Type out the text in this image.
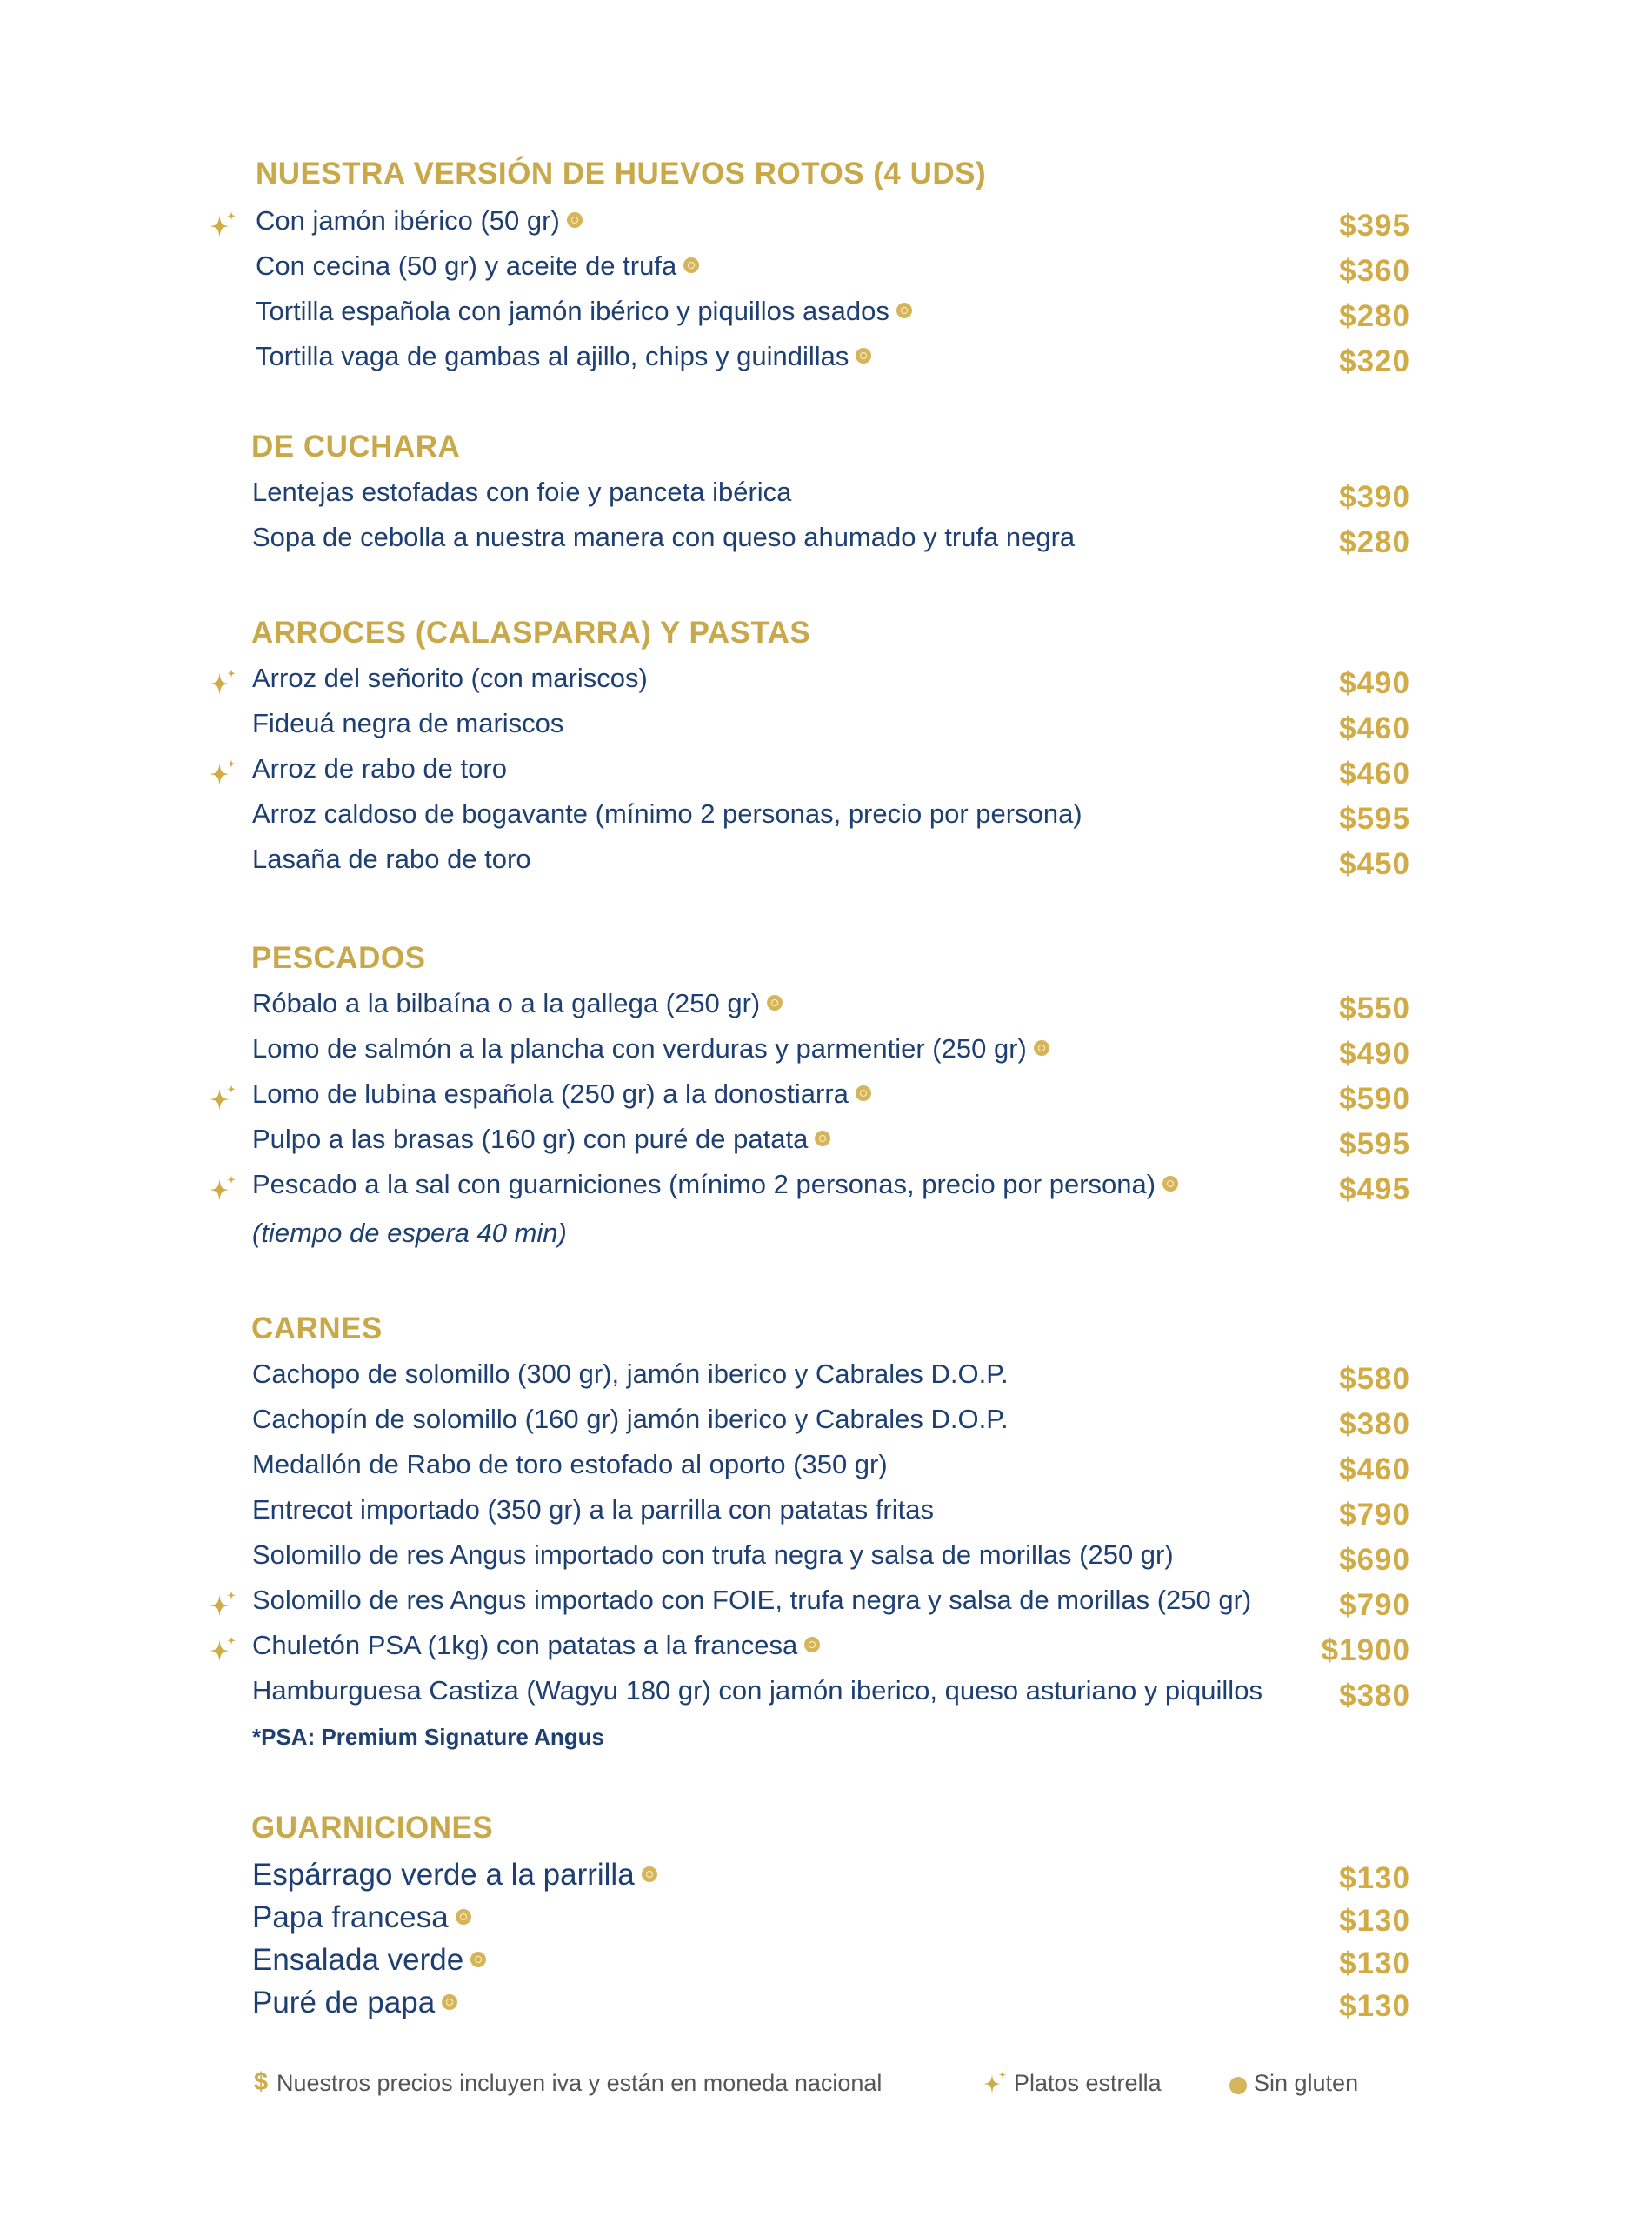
NUESTRA VERSIÓN DE HUEVOS ROTOS (4 UDS)
Con jamón ibérico (50 gr)	$395
Con cecina (50 gr) y aceite de trufa	$360
Tortilla española con jamón ibérico y piquillos asados	$280
Tortilla vaga de gambas al ajillo, chips y guindillas	$320
DE CUCHARA
Lentejas estofadas con foie y panceta ibérica	$390
Sopa de cebolla a nuestra manera con queso ahumado y trufa negra	$280
ARROCES (CALASPARRA) Y PASTAS
Arroz del señorito (con mariscos)	$490
Fideuá negra de mariscos	$460
Arroz de rabo de toro	$460
Arroz caldoso de bogavante (mínimo 2 personas, precio por persona)	$595
Lasaña de rabo de toro	$450
PESCADOS
Róbalo a la bilbaína o a la gallega (250 gr)	$550
Lomo de salmón a la plancha con verduras y parmentier (250 gr)	$490
Lomo de lubina española (250 gr) a la donostiarra	$590
Pulpo a las brasas (160 gr) con puré de patata	$595
Pescado a la sal con guarniciones (mínimo 2 personas, precio por persona)	$495
(tiempo de espera 40 min)
CARNES
Cachopo de solomillo (300 gr), jamón iberico y Cabrales D.O.P.	$580
Cachopín de solomillo (160 gr) jamón iberico y Cabrales D.O.P.	$380
Medallón de Rabo de toro estofado al oporto (350 gr)	$460
Entrecot importado (350 gr) a la parrilla con patatas fritas	$790
Solomillo de res Angus importado con trufa negra y salsa de morillas (250 gr)	$690
Solomillo de res Angus importado con FOIE, trufa negra y salsa de morillas (250 gr)	$790
Chuletón PSA (1kg) con patatas a la francesa	$1900
Hamburguesa Castiza (Wagyu 180 gr) con jamón iberico, queso asturiano y piquillos	$380
*PSA: Premium Signature Angus
GUARNICIONES
Espárrago verde a la parrilla	$130
Papa francesa	$130
Ensalada verde	$130
Puré de papa	$130
$ Nuestros precios incluyen iva y están en moneda nacional	Platos estrella	Sin gluten
